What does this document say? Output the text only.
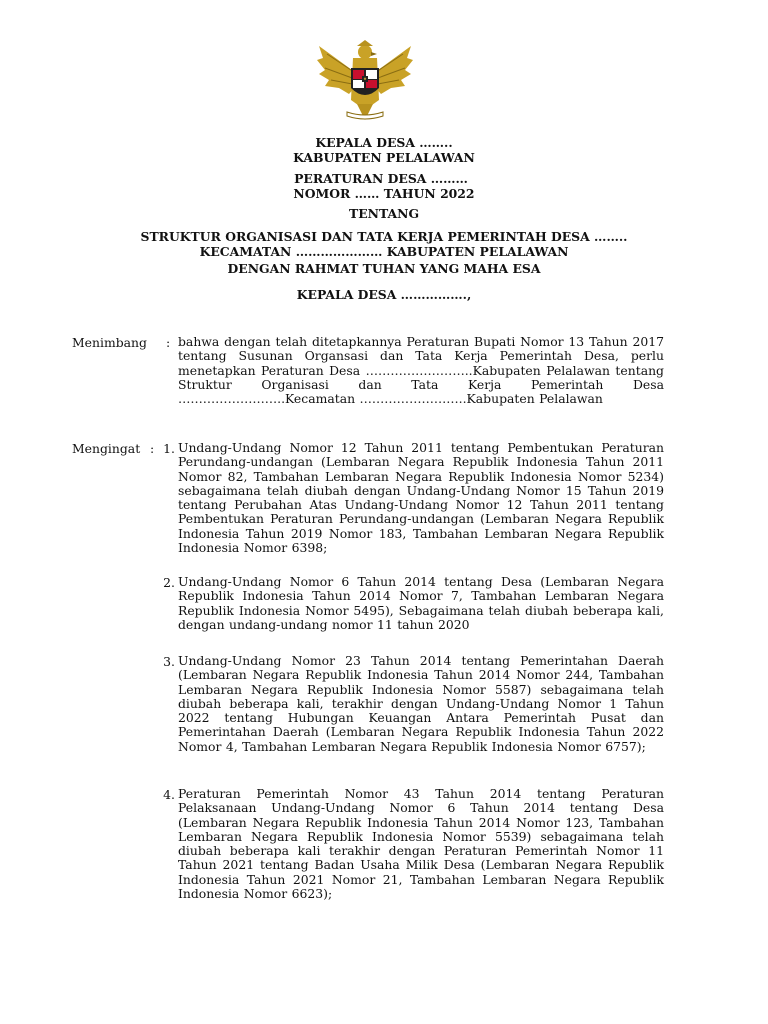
KEPALA DESA ……..
KABUPATEN PELALAWAN
PERATURAN DESA ………
NOMOR …… TAHUN 2022
TENTANG
STRUKTUR ORGANISASI DAN TATA KERJA PEMERINTAH DESA ……..
KECAMATAN ………………… KABUPATEN PELALAWAN
DENGAN RAHMAT TUHAN YANG MAHA ESA
KEPALA DESA …………….,
Menimbang : bahwa dengan telah ditetapkannya Peraturan Bupati Nomor 13 Tahun 2017 tentang Susunan Organsasi dan Tata Kerja Pemerintah Desa, perlu menetapkan Peraturan Desa ……………………..Kabupaten Pelalawan tentang Struktur Organisasi dan Tata Kerja Pemerintah Desa ……………………..Kecamatan ……………………..Kabupaten Pelalawan
Mengingat : 1. Undang-Undang Nomor 12 Tahun 2011 tentang Pembentukan Peraturan Perundang-undangan (Lembaran Negara Republik Indonesia Tahun 2011 Nomor 82, Tambahan Lembaran Negara Republik Indonesia Nomor 5234) sebagaimana telah diubah dengan Undang-Undang Nomor 15 Tahun 2019 tentang Perubahan Atas Undang-Undang Nomor 12 Tahun 2011 tentang Pembentukan Peraturan Perundang-undangan (Lembaran Negara Republik Indonesia Tahun 2019 Nomor 183, Tambahan Lembaran Negara Republik Indonesia Nomor 6398;
2. Undang-Undang Nomor 6 Tahun 2014 tentang Desa (Lembaran Negara Republik Indonesia Tahun 2014 Nomor 7, Tambahan Lembaran Negara Republik Indonesia Nomor 5495), Sebagaimana telah diubah beberapa kali, dengan undang-undang nomor 11 tahun 2020
3. Undang-Undang Nomor 23 Tahun 2014 tentang Pemerintahan Daerah (Lembaran Negara Republik Indonesia Tahun 2014 Nomor 244, Tambahan Lembaran Negara Republik Indonesia Nomor 5587) sebagaimana telah diubah beberapa kali, terakhir dengan Undang-Undang Nomor 1 Tahun 2022 tentang Hubungan Keuangan Antara Pemerintah Pusat dan Pemerintahan Daerah (Lembaran Negara Republik Indonesia Tahun 2022 Nomor 4, Tambahan Lembaran Negara Republik Indonesia Nomor 6757);
4. Peraturan Pemerintah Nomor 43 Tahun 2014 tentang Peraturan Pelaksanaan Undang-Undang Nomor 6 Tahun 2014 tentang Desa (Lembaran Negara Republik Indonesia Tahun 2014 Nomor 123, Tambahan Lembaran Negara Republik Indonesia Nomor 5539) sebagaimana telah diubah beberapa kali terakhir dengan Peraturan Pemerintah Nomor 11 Tahun 2021 tentang Badan Usaha Milik Desa (Lembaran Negara Republik Indonesia Tahun 2021 Nomor 21, Tambahan Lembaran Negara Republik Indonesia Nomor 6623);
